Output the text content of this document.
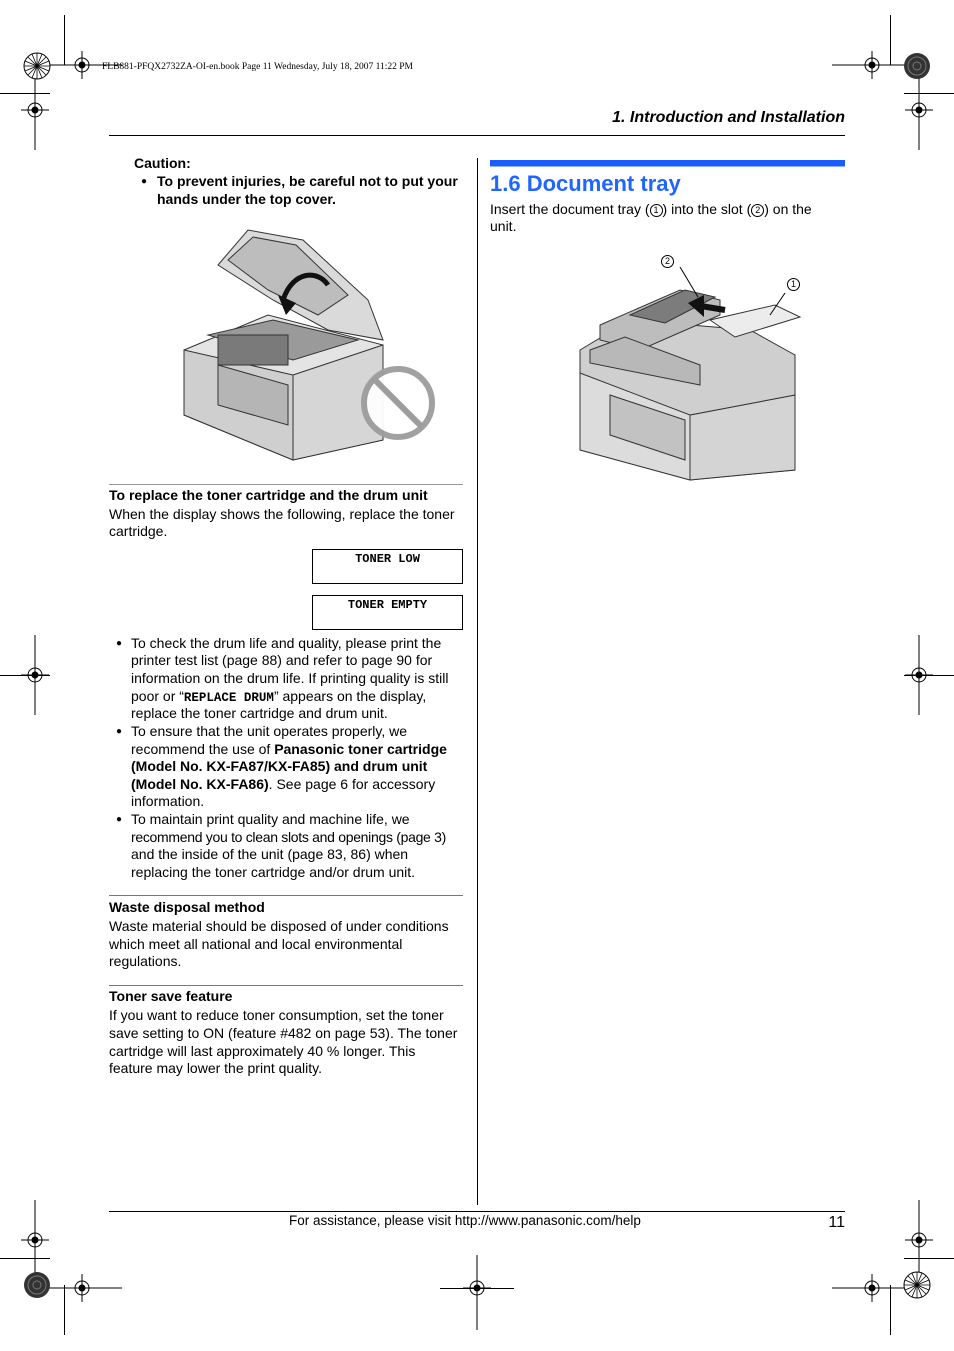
FLB881-PFQX2732ZA-OI-en.book Page 11 Wednesday, July 18, 2007 11:22 PM
1. Introduction and Installation
Caution:
● To prevent injuries, be careful not to put your
hands under the top cover.
To replace the toner cartridge and the drum unit
When the display shows the following, replace the toner
cartridge.
TONER LOW
TONER EMPTY
● To check the drum life and quality, please print the
printer test list (page 88) and refer to page 90 for
information on the drum life. If printing quality is still
poor or “REPLACE DRUM” appears on the display,
replace the toner cartridge and drum unit.
● To ensure that the unit operates properly, we
recommend the use of Panasonic toner cartridge
(Model No. KX-FA87/KX-FA85) and drum unit
(Model No. KX-FA86). See page 6 for accessory
information.
● To maintain print quality and machine life, we
recommend you to clean slots and openings (page 3)
and the inside of the unit (page 83, 86) when
replacing the toner cartridge and/or drum unit.
Waste disposal method
Waste material should be disposed of under conditions
which meet all national and local environmental
regulations.
Toner save feature
If you want to reduce toner consumption, set the toner
save setting to ON (feature #482 on page 53). The toner
cartridge will last approximately 40 % longer. This
feature may lower the print quality.
1.6 Document tray
Insert the document tray ( 1 ) into the slot ( 2 ) on the
unit.
2
1
For assistance, please visit http://www.panasonic.com/help	11
